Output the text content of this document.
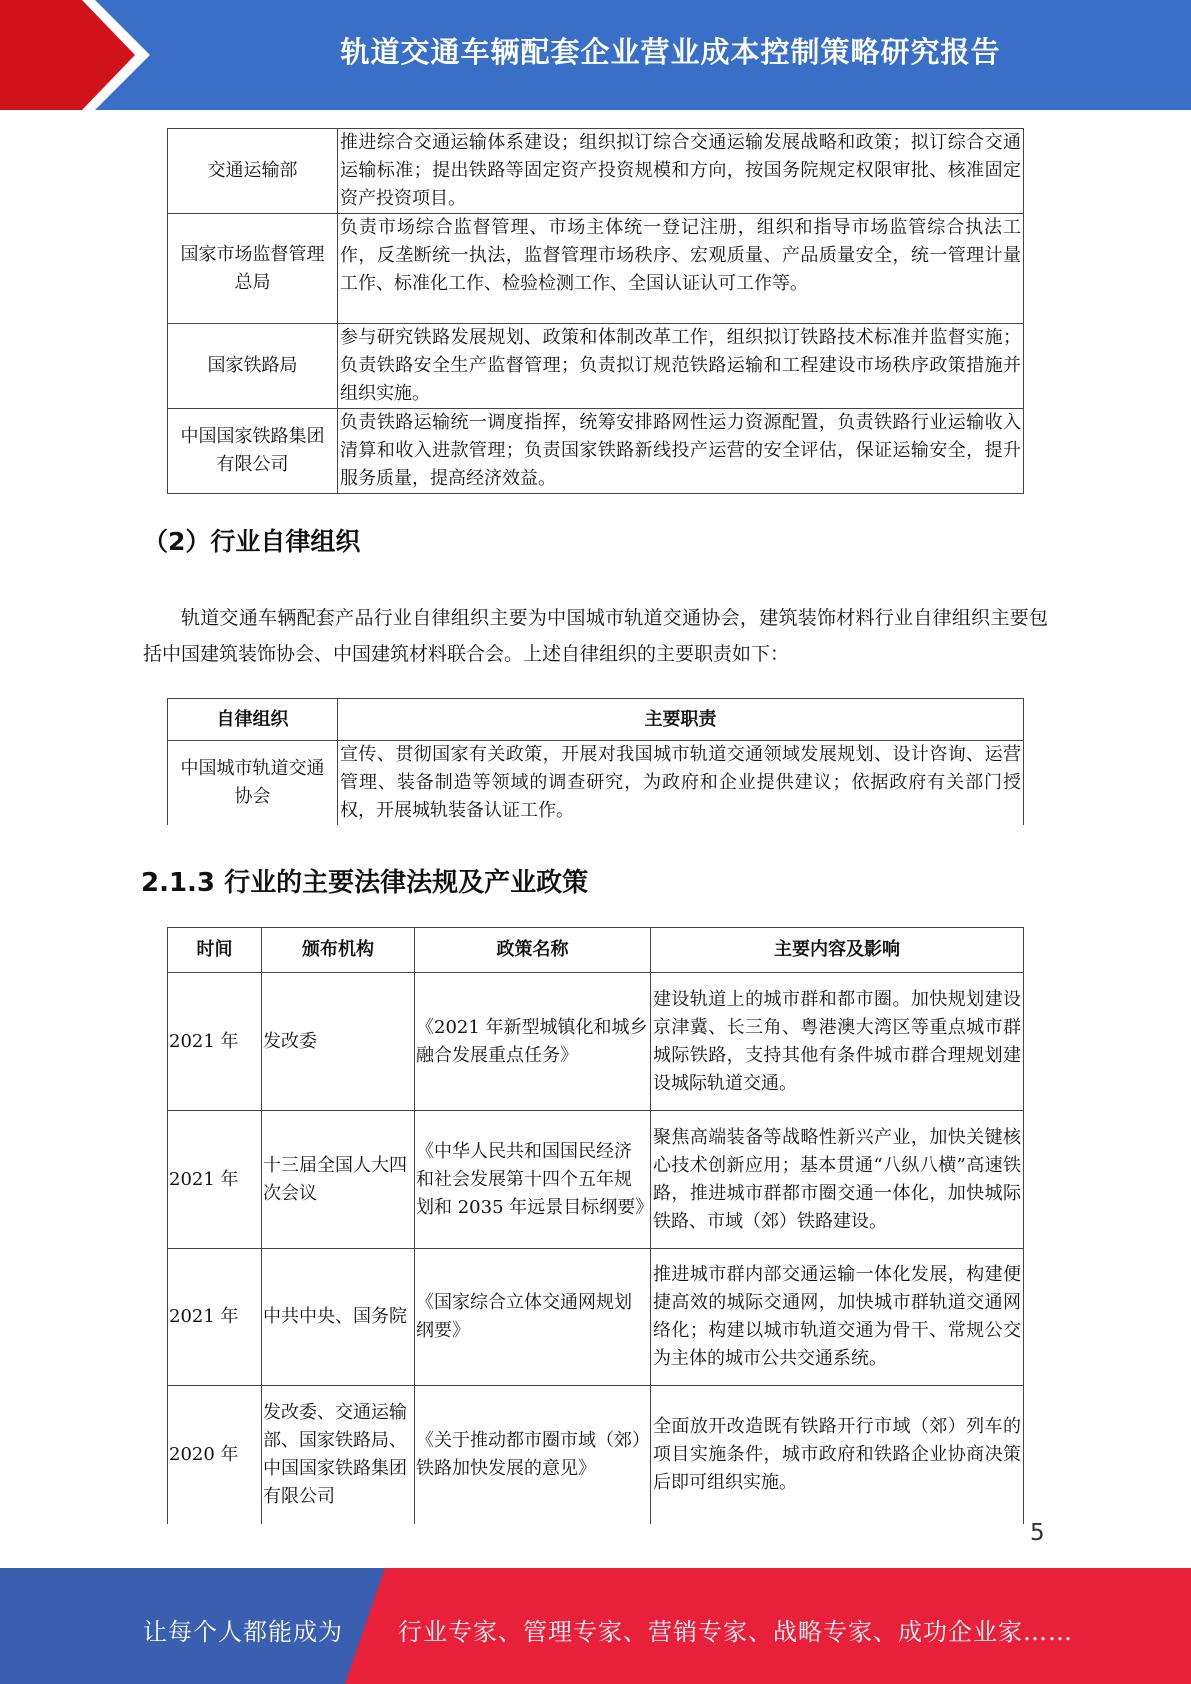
轨道交通车辆配套企业营业成本控制策略研究报告
交通运输部	推进综合交通运输体系建设；组织拟订综合交通运输发展战略和政策；拟订综合交通运输标准；提出铁路等固定资产投资规模和方向，按国务院规定权限审批、核准固定资产投资项目。
国家市场监督管理总局	负责市场综合监督管理、市场主体统一登记注册，组织和指导市场监管综合执法工作，反垄断统一执法，监督管理市场秩序、宏观质量、产品质量安全，统一管理计量工作、标准化工作、检验检测工作、全国认证认可工作等。
国家铁路局	参与研究铁路发展规划、政策和体制改革工作，组织拟订铁路技术标准并监督实施；负责铁路安全生产监督管理；负责拟订规范铁路运输和工程建设市场秩序政策措施并组织实施。
中国国家铁路集团有限公司	负责铁路运输统一调度指挥，统筹安排路网性运力资源配置，负责铁路行业运输收入清算和收入进款管理；负责国家铁路新线投产运营的安全评估，保证运输安全，提升服务质量，提高经济效益。
（2）行业自律组织
轨道交通车辆配套产品行业自律组织主要为中国城市轨道交通协会，建筑装饰材料行业自律组织主要包括中国建筑装饰协会、中国建筑材料联合会。上述自律组织的主要职责如下：
自律组织	主要职责
中国城市轨道交通协会	宣传、贯彻国家有关政策，开展对我国城市轨道交通领域发展规划、设计咨询、运营管理、装备制造等领域的调查研究，为政府和企业提供建议；依据政府有关部门授权，开展城轨装备认证工作。
2.1.3 行业的主要法律法规及产业政策
时间	颁布机构	政策名称	主要内容及影响
2021 年	发改委	《2021 年新型城镇化和城乡融合发展重点任务》	建设轨道上的城市群和都市圈。加快规划建设京津冀、长三角、粤港澳大湾区等重点城市群城际铁路，支持其他有条件城市群合理规划建设城际轨道交通。
2021 年	十三届全国人大四次会议	《中华人民共和国国民经济和社会发展第十四个五年规划和 2035 年远景目标纲要》	聚焦高端装备等战略性新兴产业，加快关键核心技术创新应用；基本贯通“八纵八横”高速铁路，推进城市群都市圈交通一体化，加快城际铁路、市域（郊）铁路建设。
2021 年	中共中央、国务院	《国家综合立体交通网规划纲要》	推进城市群内部交通运输一体化发展，构建便捷高效的城际交通网，加快城市群轨道交通网络化；构建以城市轨道交通为骨干、常规公交为主体的城市公共交通系统。
2020 年	发改委、交通运输部、国家铁路局、中国国家铁路集团有限公司	《关于推动都市圈市域（郊）铁路加快发展的意见》	全面放开改造既有铁路开行市域（郊）列车的项目实施条件，城市政府和铁路企业协商决策后即可组织实施。
5
让每个人都能成为 行业专家、管理专家、营销专家、战略专家、成功企业家……
